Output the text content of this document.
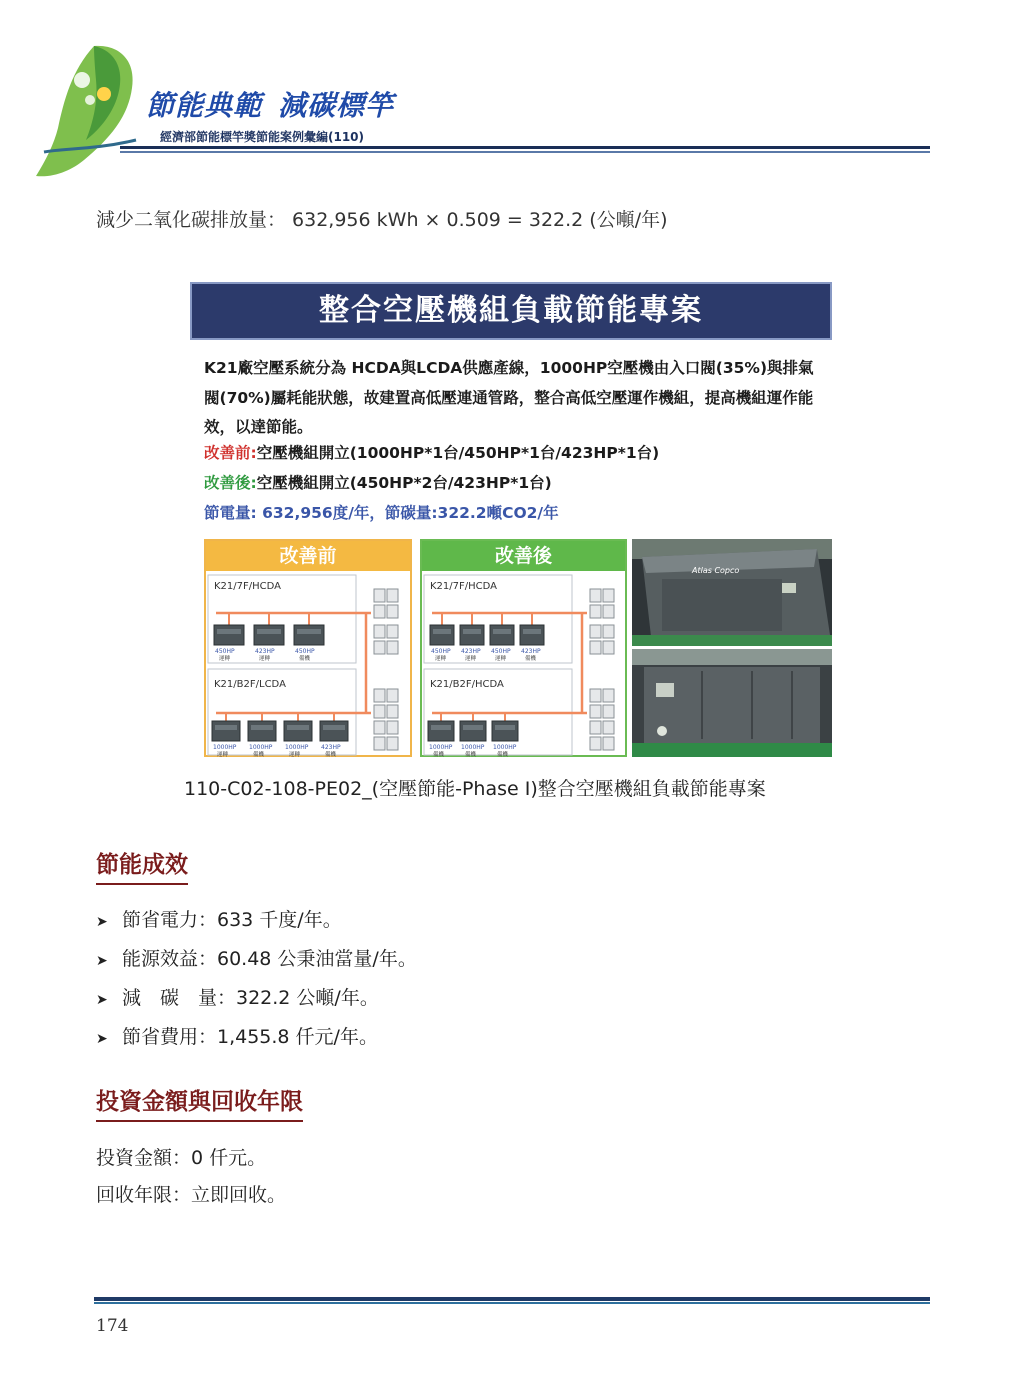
節能典範 減碳標竿
經濟部節能標竿獎節能案例彙編(110)
減少二氧化碳排放量： 632,956 kWh × 0.509 = 322.2 (公噸/年)
整合空壓機組負載節能專案
K21廠空壓系統分為 HCDA與LCDA供應產線，1000HP空壓機由入口閥(35%)與排氣閥(70%)屬耗能狀態，故建置高低壓連通管路，整合高低空壓運作機組，提高機組運作能效，以達節能。
改善前:空壓機組開立(1000HP*1台/450HP*1台/423HP*1台)
改善後:空壓機組開立(450HP*2台/423HP*1台)
節電量: 632,956度/年，節碳量:322.2噸CO2/年
改善前
K21/7F/HCDA
K21/B2F/LCDA
450HP
運轉
423HP
運轉
450HP
備機
1000HP
運轉
1000HP
備機
1000HP
運轉
423HP
備機
改善後
K21/7F/HCDA
K21/B2F/HCDA
450HP
運轉
423HP
運轉
450HP
運轉
423HP
備機
1000HP
備機
1000HP
備機
1000HP
備機
Atlas Copco
110-C02-108-PE02_(空壓節能-Phase I)整合空壓機組負載節能專案
節能成效
➤ 節省電力：633 千度/年。
➤ 能源效益：60.48 公秉油當量/年。
➤ 減　碳　量：322.2 公噸/年。
➤ 節省費用：1,455.8 仟元/年。
投資金額與回收年限
投資金額：0 仟元。
回收年限：立即回收。
174
